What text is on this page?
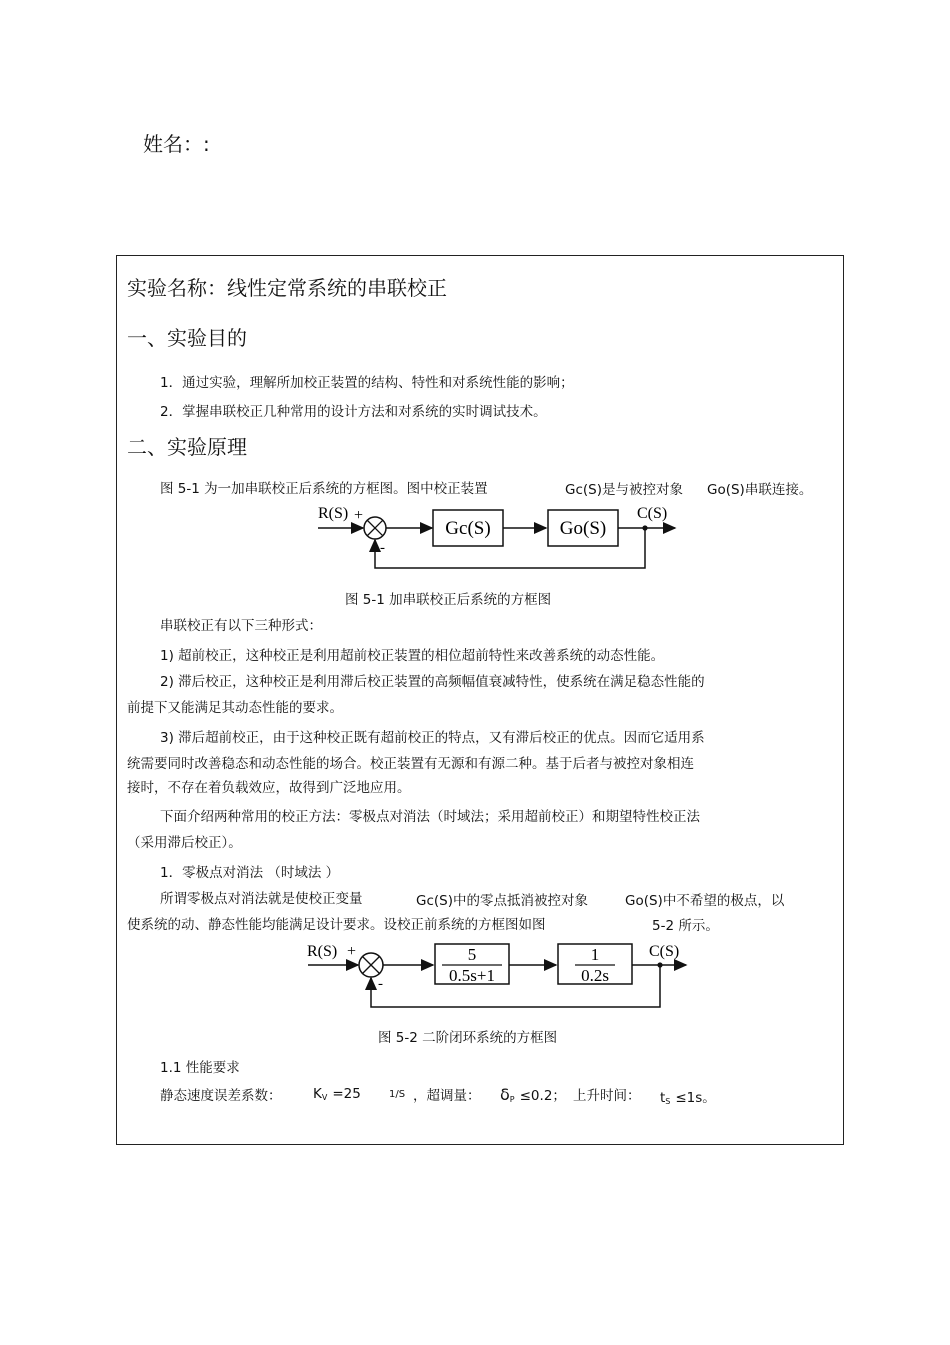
姓名：:
实验名称：线性定常系统的串联校正
一、实验目的
1．通过实验，理解所加校正装置的结构、特性和对系统性能的影响；
2．掌握串联校正几种常用的设计方法和对系统的实时调试技术。
二、实验原理
图 5-1 为一加串联校正后系统的方框图。图中校正装置	Gc(S)是与被控对象 Go(S)串联连接。
R(S) +
-
Gc(S)	Go(S)
C(S)
图 5-1 加串联校正后系统的方框图
串联校正有以下三种形式：
1) 超前校正，这种校正是利用超前校正装置的相位超前特性来改善系统的动态性能。
2) 滞后校正，这种校正是利用滞后校正装置的高频幅值衰减特性，使系统在满足稳态性能的
前提下又能满足其动态性能的要求。
3) 滞后超前校正，由于这种校正既有超前校正的特点，又有滞后校正的优点。因而它适用系
统需要同时改善稳态和动态性能的场合。校正装置有无源和有源二种。基于后者与被控对象相连
接时，不存在着负载效应，故得到广泛地应用。
下面介绍两种常用的校正方法：零极点对消法（时域法；采用超前校正）和期望特性校正法
（采用滞后校正）。
1．零极点对消法 （时域法 ）
所谓零极点对消法就是使校正变量	Gc(S)中的零点抵消被控对象	Go(S)中不希望的极点，以
使系统的动、静态性能均能满足设计要求。设校正前系统的方框图如图	5-2 所示。
R(S) +
-
5
0.5s+1
1
0.2s
C(S)
图 5-2 二阶闭环系统的方框图
1.1 性能要求
静态速度误差系数： KV =25	1/S ，超调量： δP ≤0.2； 上升时间： tS ≤1s。
